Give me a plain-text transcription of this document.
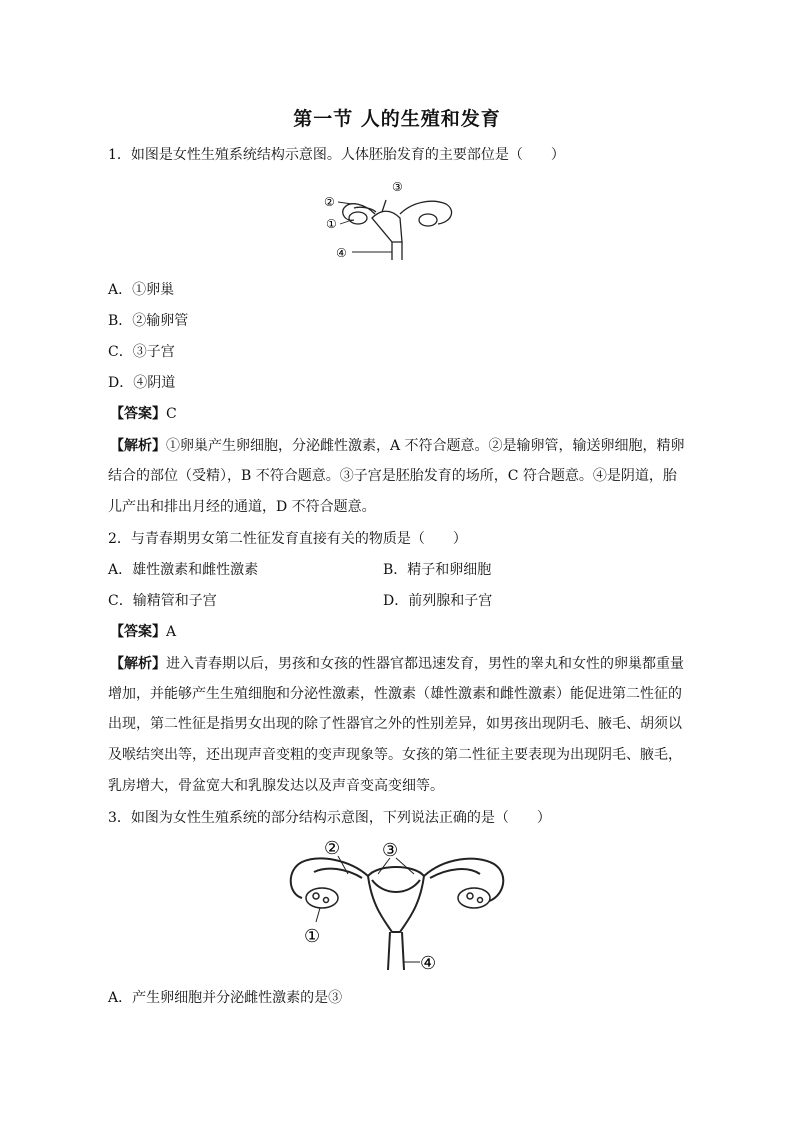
第一节 人的生殖和发育
1．如图是女性生殖系统结构示意图。人体胚胎发育的主要部位是（　　）
②
①
③
④
A．①卵巢
B．②输卵管
C．③子宫
D．④阴道
【答案】C
【解析】①卵巢产生卵细胞，分泌雌性激素，A 不符合题意。②是输卵管，输送卵细胞，精卵
结合的部位（受精），B 不符合题意。③子宫是胚胎发育的场所，C 符合题意。④是阴道，胎
儿产出和排出月经的通道，D 不符合题意。
2．与青春期男女第二性征发育直接有关的物质是（　　）
A．雄性激素和雌性激素	B．精子和卵细胞
C．输精管和子宫	D．前列腺和子宫
【答案】A
【解析】进入青春期以后，男孩和女孩的性器官都迅速发育，男性的睾丸和女性的卵巢都重量
增加，并能够产生生殖细胞和分泌性激素，性激素（雄性激素和雌性激素）能促进第二性征的
出现，第二性征是指男女出现的除了性器官之外的性别差异，如男孩出现阴毛、腋毛、胡须以
及喉结突出等，还出现声音变粗的变声现象等。女孩的第二性征主要表现为出现阴毛、腋毛，
乳房增大，骨盆宽大和乳腺发达以及声音变高变细等。
3．如图为女性生殖系统的部分结构示意图，下列说法正确的是（　　）
② ③
①
④
A．产生卵细胞并分泌雌性激素的是③
